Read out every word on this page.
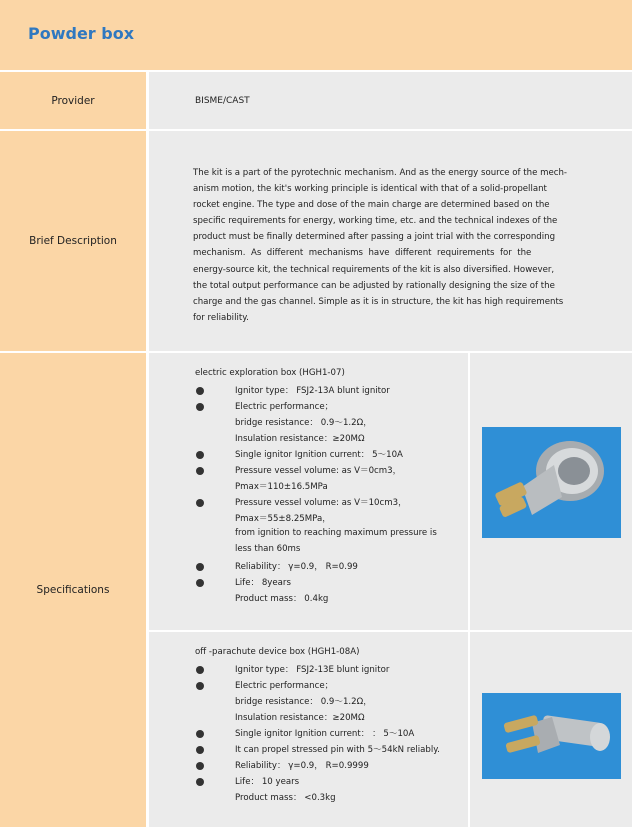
Powder box
Provider	BISME/CAST
Brief Description
The kit is a part of the pyrotechnic mechanism. And as the energy source of the mech-
anism motion, the kit's working principle is identical with that of a solid-propellant
rocket engine. The type and dose of the main charge are determined based on the
specific requirements for energy, working time, etc. and the technical indexes of the
product must be finally determined after passing a joint trial with the corresponding
mechanism.  As  different  mechanisms  have  different  requirements  for  the
energy-source kit, the technical requirements of the kit is also diversified. However,
the total output performance can be adjusted by rationally designing the size of the
charge and the gas channel. Simple as it is in structure, the kit has high requirements
for reliability.
Specifications
electric exploration box (HGH1-07)
Ignitor type： FSJ2-13A blunt ignitor
Electric performance；
bridge resistance： 0.9～1.2Ω，
Insulation resistance：≥20MΩ
Single ignitor Ignition current： 5～10A
Pressure vessel volume: as V＝0cm3，
Pmax＝110±16.5MPa
Pressure vessel volume: as V＝10cm3，
Pmax＝55±8.25MPa，
from ignition to reaching maximum pressure is
less than 60ms
Reliability： γ=0.9， R=0.99
Life： 8years
Product mass： 0.4kg
off -parachute device box (HGH1-08A)
Ignitor type： FSJ2-13E blunt ignitor
Electric performance；
bridge resistance： 0.9～1.2Ω，
Insulation resistance：≥20MΩ
Single ignitor Ignition current： ： 5～10A
It can propel stressed pin with 5～54kN reliably.
Reliability： γ=0.9， R=0.9999
Life： 10 years
Product mass： <0.3kg
